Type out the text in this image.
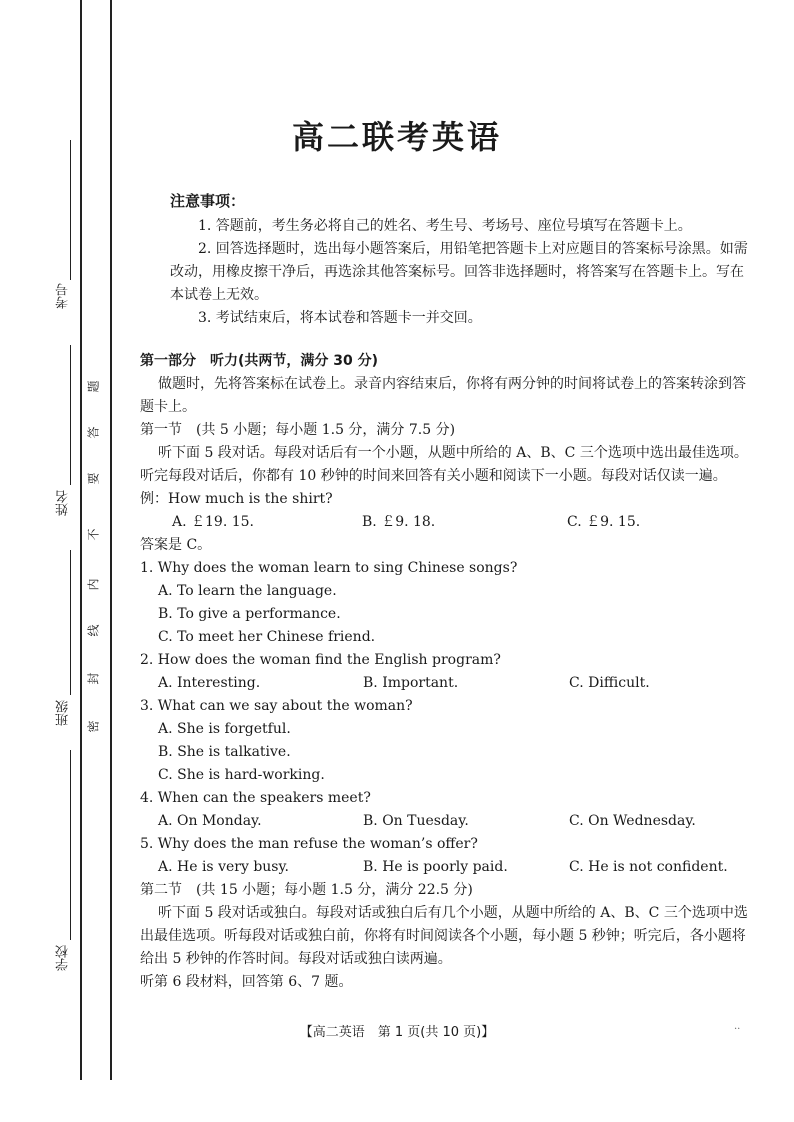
考号
姓名
班级
学校
题
答
要
不
内
线
封
密
高二联考英语
注意事项：
1. 答题前，考生务必将自己的姓名、考生号、考场号、座位号填写在答题卡上。
2. 回答选择题时，选出每小题答案后，用铅笔把答题卡上对应题目的答案标号涂黑。如需改动，用橡皮擦干净后，再选涂其他答案标号。回答非选择题时，将答案写在答题卡上。写在本试卷上无效。
3. 考试结束后，将本试卷和答题卡一并交回。
第一部分　听力(共两节，满分 30 分)
做题时，先将答案标在试卷上。录音内容结束后，你将有两分钟的时间将试卷上的答案转涂到答题卡上。
第一节　(共 5 小题；每小题 1.5 分，满分 7.5 分)
听下面 5 段对话。每段对话后有一个小题，从题中所给的 A、B、C 三个选项中选出最佳选项。听完每段对话后，你都有 10 秒钟的时间来回答有关小题和阅读下一小题。每段对话仅读一遍。
例：How much is the shirt?
A. ￡19. 15.	B. ￡9. 18.	C. ￡9. 15.
答案是 C。
1. Why does the woman learn to sing Chinese songs?
A. To learn the language.
B. To give a performance.
C. To meet her Chinese friend.
2. How does the woman find the English program?
A. Interesting.	B. Important.	C. Difficult.
3. What can we say about the woman?
A. She is forgetful.
B. She is talkative.
C. She is hard-working.
4. When can the speakers meet?
A. On Monday.	B. On Tuesday.	C. On Wednesday.
5. Why does the man refuse the woman’s offer?
A. He is very busy.	B. He is poorly paid.	C. He is not confident.
第二节　(共 15 小题；每小题 1.5 分，满分 22.5 分)
听下面 5 段对话或独白。每段对话或独白后有几个小题，从题中所给的 A、B、C 三个选项中选出最佳选项。听每段对话或独白前，你将有时间阅读各个小题，每小题 5 秒钟；听完后，各小题将给出 5 秒钟的作答时间。每段对话或独白读两遍。
听第 6 段材料，回答第 6、7 题。
【高二英语　第 1 页(共 10 页)】	..
